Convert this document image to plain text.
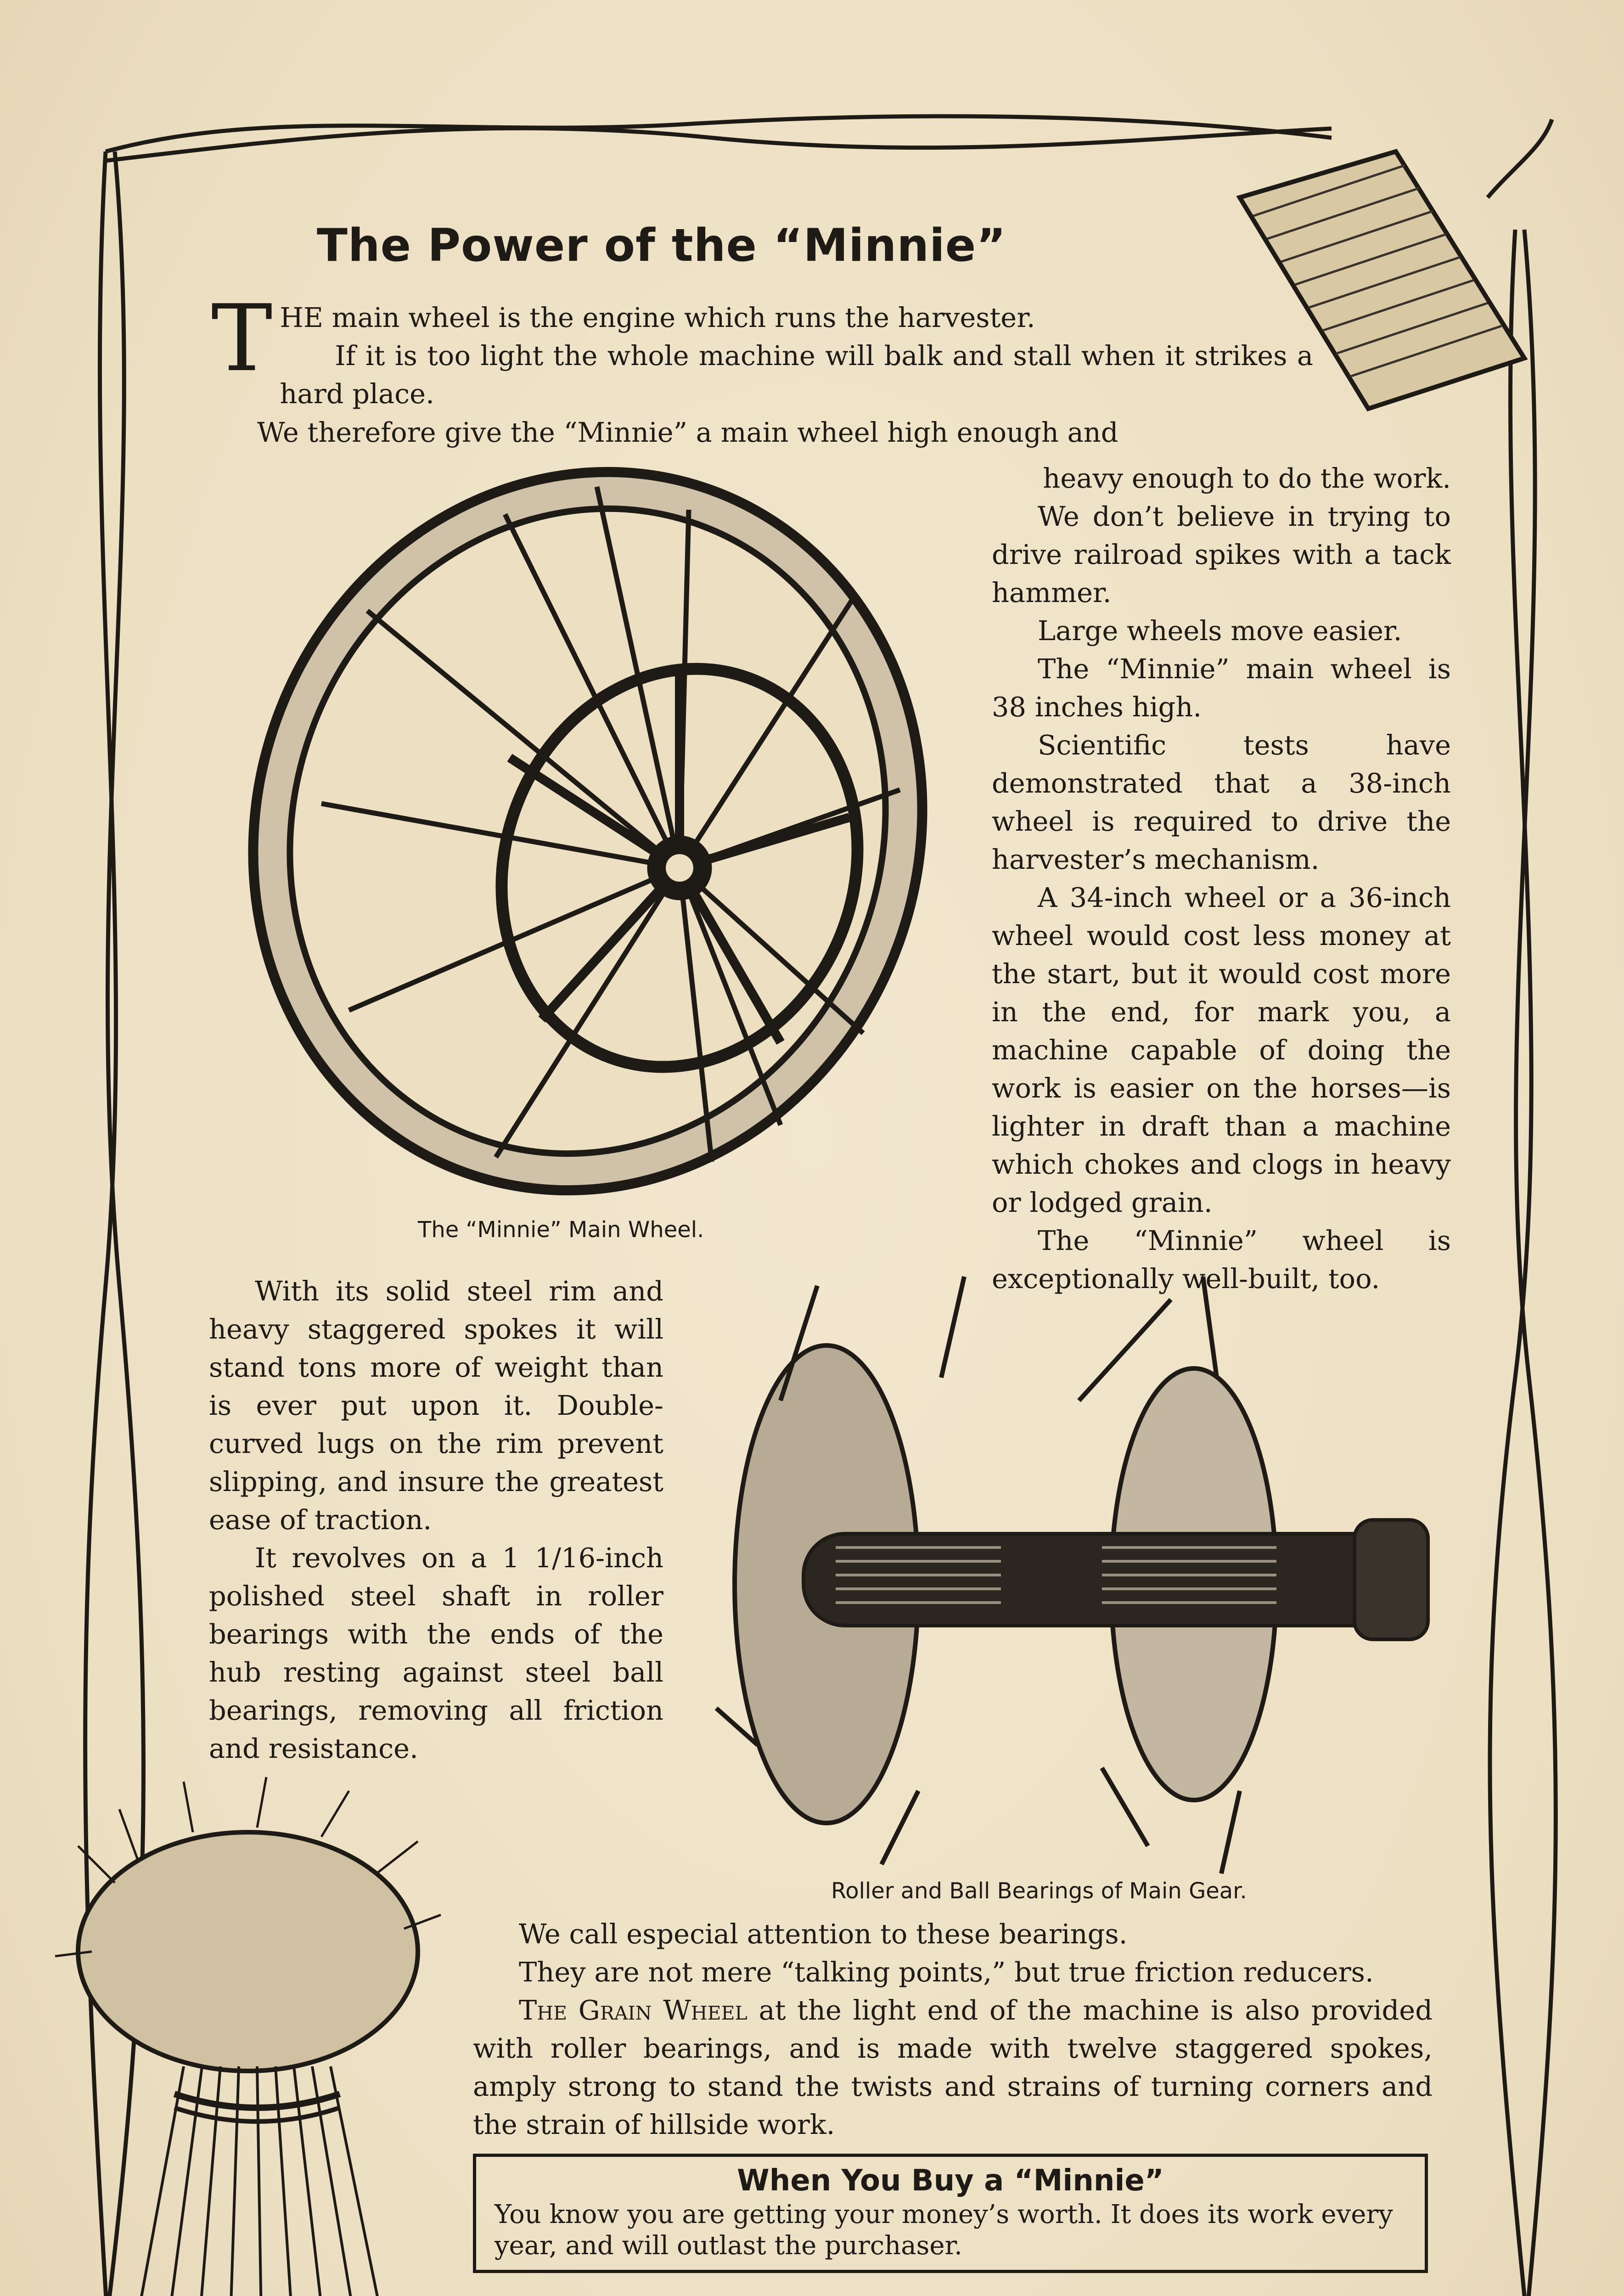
The Power of the “Minnie”
T HE main wheel is the engine which runs the harvester.

If it is too light the whole machine will balk and stall when it strikes a hard place.

We therefore give the “Minnie” a main wheel high enough and

heavy enough to do the work.

We don’t believe in trying to drive railroad spikes with a tack hammer.

Large wheels move easier.

The “Minnie” main wheel is 38 inches high.

Scientific tests have demonstrated that a 38-inch wheel is required to drive the harvester’s mechanism.

A 34-inch wheel or a 36-inch wheel would cost less money at the start, but it would cost more in the end, for mark you, a machine capable of doing the work is easier on the horses—is lighter in draft than a machine which chokes and clogs in heavy or lodged grain.

The “Minnie” wheel is exceptionally well-built, too.

The “Minnie” Main Wheel.

With its solid steel rim and heavy staggered spokes it will stand tons more of weight than is ever put upon it. Double-curved lugs on the rim prevent slipping, and insure the greatest ease of traction.

It revolves on a 1 1/16-inch polished steel shaft in roller bearings with the ends of the hub resting against steel ball bearings, removing all friction and resistance.

Roller and Ball Bearings of Main Gear.

We call especial attention to these bearings.

They are not mere “talking points,” but true friction reducers.

The Grain Wheel at the light end of the machine is also provided with roller bearings, and is made with twelve staggered spokes, amply strong to stand the twists and strains of turning corners and the strain of hillside work.

When You Buy a “Minnie”
You know you are getting your money’s worth. It does its work every year, and will outlast the purchaser.
